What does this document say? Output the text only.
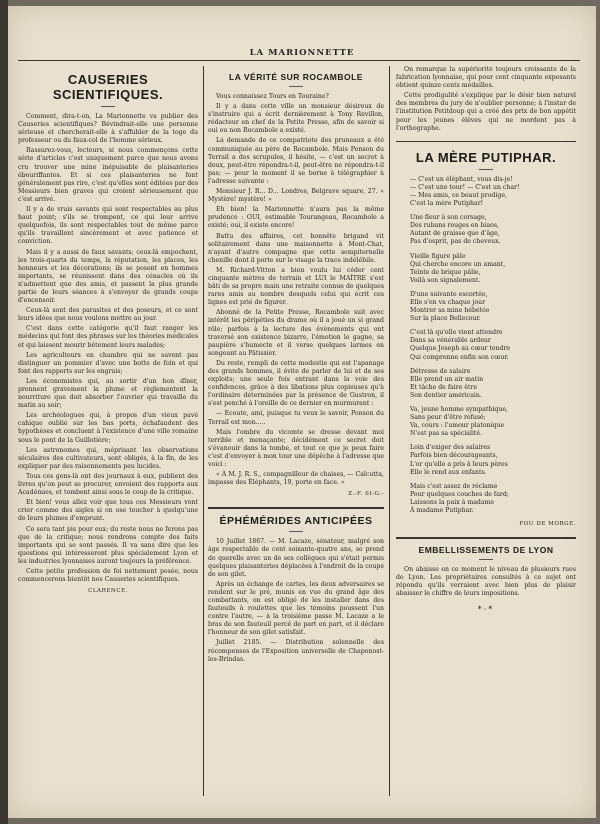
LA MARIONNETTE
CAUSERIES SCIENTIFIQUES.

Comment, dira-t-on, La Marionnette va publier des Causeries scientifiques? Bévindrait-elle une personne sérieuse et chercherait-elle à s'affubler de la toge du professeur ou du faux-col de l'homme sérieux.

Rassurez-vous, lecteurs, si nous commençons cette série d'articles c'est uniquement parce que nous avons cru trouver une mine inépuisable de plaisanteries ébouriffantes. Et si ces plaisanteries ne font généralement pas rire, c'est qu'elles sont éditées par des Messieurs bien graves qui croient sérieusement que c'est arrivé.

Il y a de vrais savants qui sont respectables au plus haut point; s'ils se trompent, ce qui leur arrive quelquefois, ils sont respectables tout de même parce qu'ils travaillent sincèrement et avec patience et conviction.

Mais il y a aussi de faux savants; ceux-là empochent, les trois-quarts du temps, la réputation, les places, les honneurs et les décorations; ils se posent en hommes importants, se réunissent dans des cénacles où ils n'admettent que des amis, et passent la plus grande partie de leurs séances à s'envoyer de grands coups d'encensoir.

Ceux-là sont des parasites et des poseurs, et ce sont leurs idées que nous voulons mettre au jour.

C'est dans cette catégorie qu'il faut ranger les médecins qui font des phrases sur les théories médicales et qui laissent mourir bêtement leurs malades;

Les agriculteurs en chambre qui ne savent pas distinguer un pommier d'avec une botte de foin et qui font des rapports sur les engrais;

Les économistes qui, au sortir d'un bon dîner, prennent gravement la plume et règlementent la nourriture que doit absorber l'ouvrier qui travaille du matin au soir;

Les archéologues qui, à propos d'un vieux pavé cahique oublié sur les bas ports, échafaudent des hypothèses et concluent à l'existence d'une ville romaine sous le pont de la Guillotière;

Les astronomes qui, méprisant les observations séculaires des cultivateurs, sont obligés, à la fin, de les expliquer par des raisonnements peu lucides.

Tous ces gens-là ont des journaux à eux, publient des livres qu'on peut se procurer, envoient des rapports aux Académies, et tombent ainsi sous le coup de la critique.

Et bien! vous allez voir que tous ces Messieurs vont crier comme des aigles si on ose toucher à quelqu'une de leurs plumes d'emprunt.

Ce sera tant pis pour eux; du reste nous ne ferons pas que de la critique; nous rendrons compte des faits importants qui se sont passés. Il va sans dire que les questions qui intéresseront plus spécialement Lyon et les industries lyonnaises auront toujours la préférence.

Cette petite profession de foi nettement posée, nous commencerons bientôt nos Causeries scientifiques.

CLARENCE.
LA VÉRITÉ SUR ROCAMBOLE

Vous connaissez Tours en Touraine?

Il y a dans cette ville un monsieur désireux de s'instruire qui a écrit dernièrement à Tony Revillon, rédacteur en chef de la Petite Presse, afin de savoir si oui ou non Rocambole a existé.

La demande de ce compatriote des pruneaux a été communiquée au père de Rocambole. Mais Ponson du Terrail a des scrupules, il hésite, — c'est un secret à deux, peut-être répondra-t-il, peut-être ne répondra-t-il pas; — pour le moment il se borne à télégraphier à l'adresse suivante :

Monsieur J. R... D... Londres, Belgrave square, 27. « Mystère! mystère! »

Eh bien! la Marionnette n'aura pas la même prudence : OUI, estimable Tourangeau, Rocambole a existé; oui, il existe encore!

Battu des affaires, cet honnête brigand vit solitairement dans une maisonnette à Mont-Chat, n'ayant d'autre compagne que cette sempiternelle chenille dont il porte sur le visage la trace indélébile.

M. Richard-Vitton a bien voulu lui céder cent cinquante mètres de terrain et LUI le MAÎTRE s'est bâti de sa propre main une retraite connue de quelques rares amis au nombre desquels celui qui écrit ces lignes est prié de figurer.

Abonné de la Petite Presse, Rocambole suit avec intérêt les péripéties du drame où il a joué un si grand rôle; parfois à la lecture des évènements qui ont traversé son existence bizarre, l'émotion le gagne, sa paupière s'humecte et il verse quelques larmes en songeant au Pâtissier.

Du reste, rempli de cette modestie qui est l'apanage des grands hommes, il évite de parler de lui et de ses exploits; une seule fois entrant dans la voie des confidences, grâce à des libations plus copieuses qu'à l'ordinaire déterminées par la présence de Gustron, il s'est penché à l'oreille de ce dernier en murmurant :

— Ecoute, ami, puisque tu veux le savoir, Ponson du Terrail est mon.....

Mais l'ombre du vicomte se dresse devant moi terrible et menaçante; décidément ce secret doit s'évanouir dans la tombe, et tout ce que je peux faire c'est d'envoyer à mon tour une dépêche à l'adresse que voici :

« À M. J. R. S., compagnilleur de chaises, — Calcutta, impasse des Éléphants, 19, porte en face. »

Z.-F. St-G.-
ÉPHÉMÉRIDES ANTICIPÉES

10 Juillet 1867. — M. Lacaze, sénateur, malgré son âge respectable de cent soixante-quatre ans, se prend de querelle avec un de ses collègues qui s'était permis quelques plaisanteries déplacées à l'endroit de la coupe de son gilet.

Après un échange de cartes, les deux adversaires se rendent sur le pré, munis en vue du grand âge des combattants, on est obligé de les installer dans des fauteuils à roulettes que les témoins poussent l'un contre l'autre, — à la troisième passe M. Lacaze a le bras de son fauteuil percé de part en part, et il déclare l'honneur de son gilet satisfait.

Juillet 2185. — Distribution solennelle des récompenses de l'Exposition universelle de Chaponost-les-Brindas.

On remarque la supériorité toujours croissante de la fabrication lyonnaise, qui pour cent cinquante exposants obtient quinze cents médailles.

Cette prodigalité s'explique par le désir bien naturel des membres du jury de n'oublier personne; à l'instar de l'institution Petitdoup qui a créé des prix de bon appétit pour les jeunes élèves qui ne mordent pas à l'orthographe.

LA MÈRE PUTIPHAR.
— C'est un éléphant, vous dis-je!
— C'est une tour! — C'est un char!
— Mes amis, ce beaut prodige,
C'est la mère Putiphar!
Une fleur à son corsage,
Des rubans rouges en biaos,
Autant de graisse que d'âge,
Pas d'esprit, pas de cheveux.
Vieille figure pâle
Qui cherche encore un amant,
Teinte de brique pâlie,
Voilà son signalement.
D'une suivante escortée,
Elle s'en va chaque jour
Montrer sa mine hébétée
Sur la place Bellecour.
C'est là qu'elle vient attendre
Dans sa vénérable ardeur
Quelque Joseph au cœur tendre
Qui comprenne enfin son cœur.
Détresse de salaire
Elle prend un air matin
Et tâche de faire être
Son dentier américain.
Va, jeune homme sympathique,
Sans peur d'être refusé;
Va, cours : l'amour platonique
N'est pas sa spécialité.
Loin d'exiger des salaires
Parfois bien décourageants,
L'or qu'elle a pris à leurs pères
Elle le rend aux enfants.
Mais c'est assez de réclame
Pour quelques couches de fard;
Laissons la paix à madame
À madame Putiphar.
FOU DE MORGE.
EMBELLISSEMENTS DE LYON

On abaisse en ce moment le niveau de plusieurs rues de Lyon. Les propriétaires consultés à ce sujet ont répondu qu'ils verraient avec bien plus de plaisir abaisser le chiffre de leurs impositions.

*·*
